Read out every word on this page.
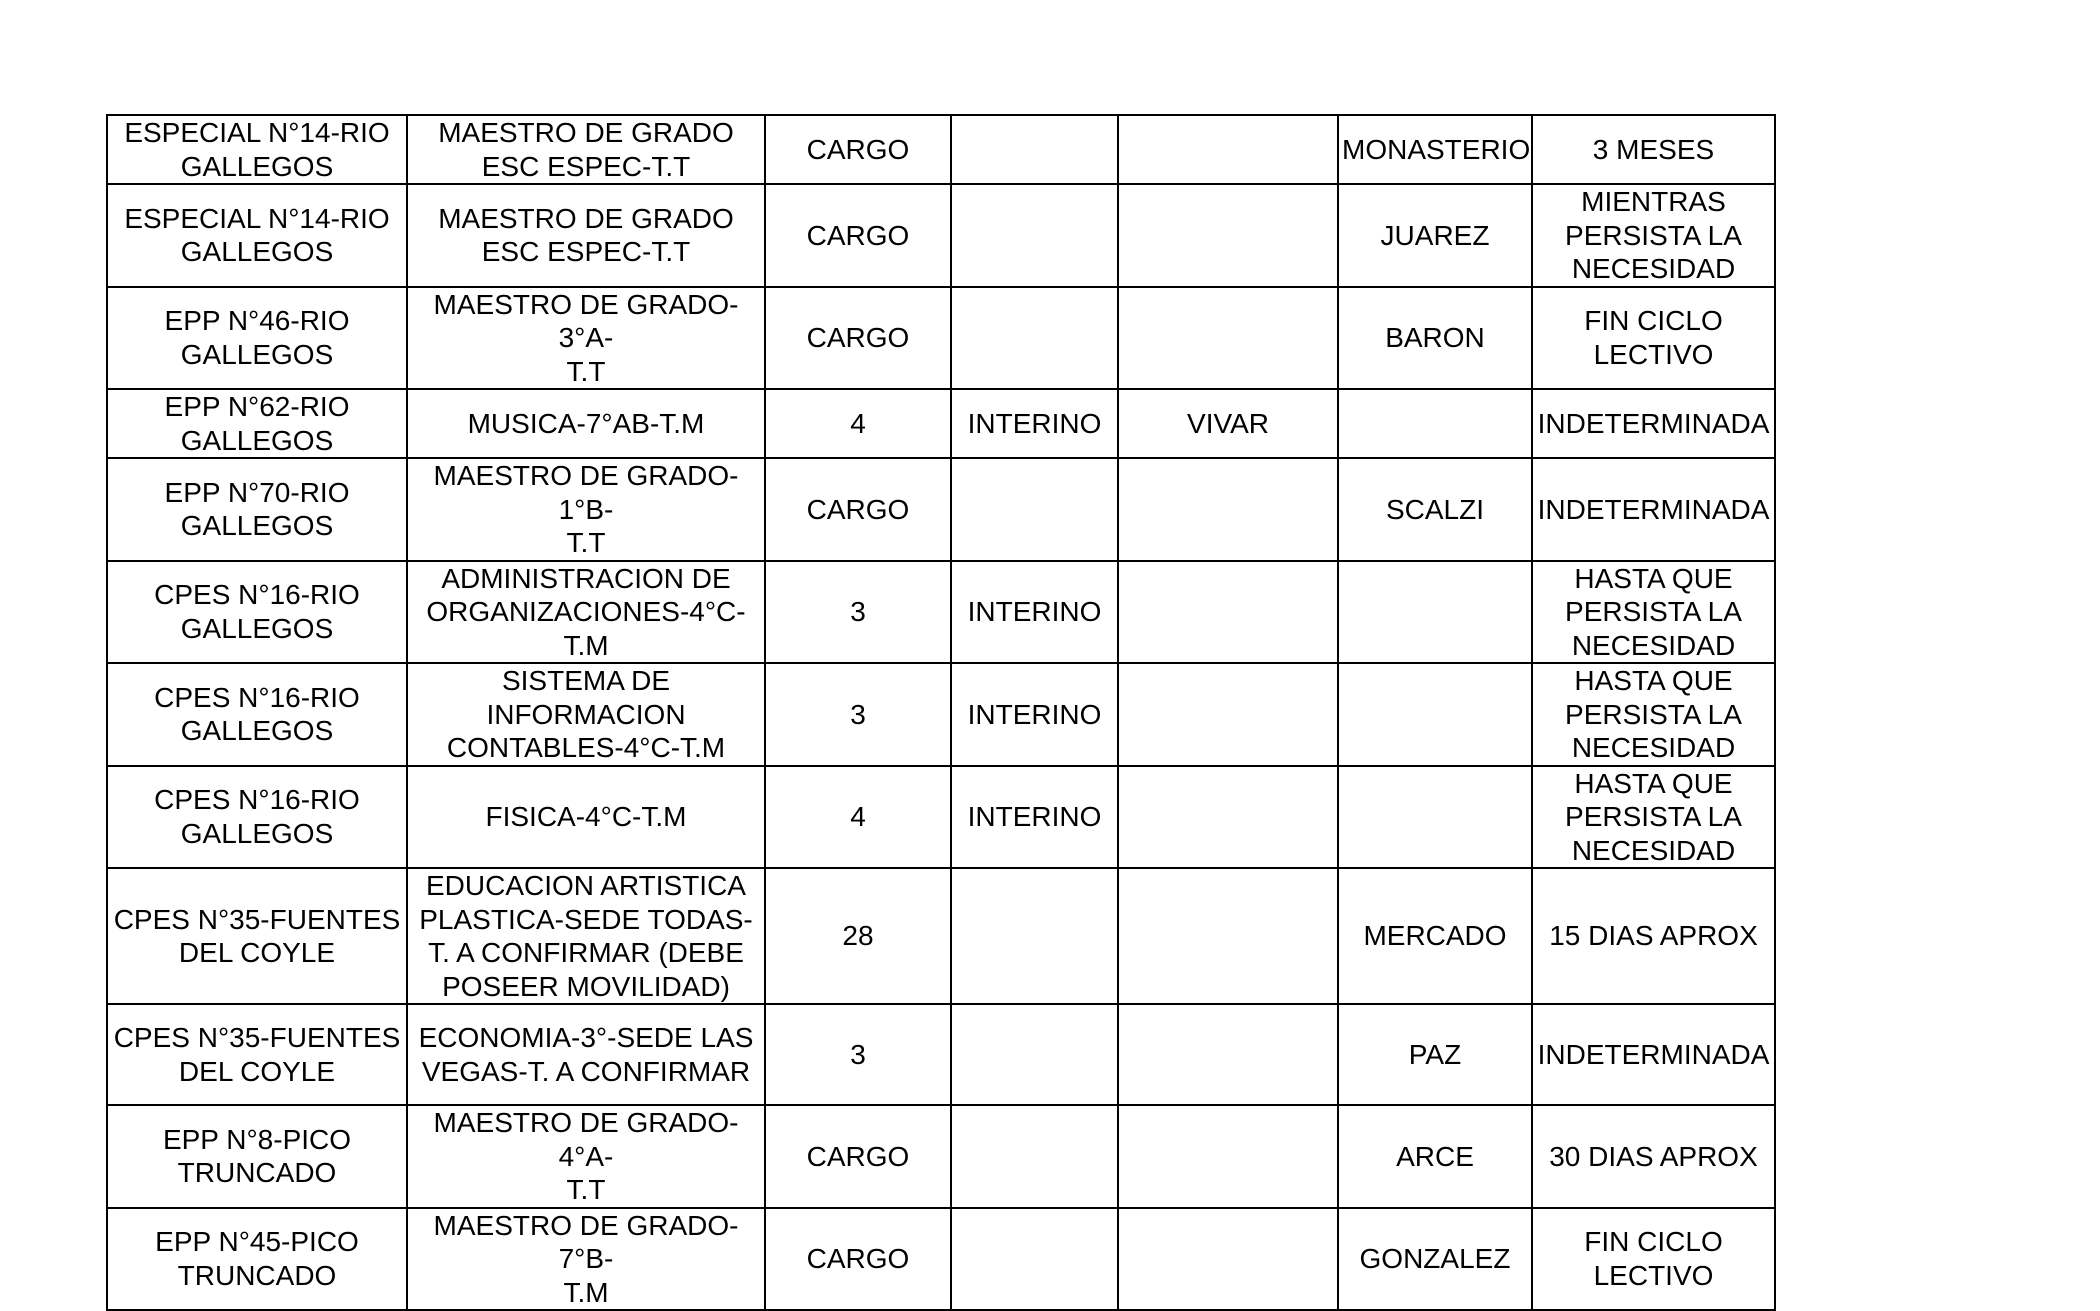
ESPECIAL N°14-RIO
GALLEGOS	MAESTRO DE GRADO
ESC ESPEC-T.T	CARGO			MONASTERIO	3 MESES
ESPECIAL N°14-RIO
GALLEGOS	MAESTRO DE GRADO
ESC ESPEC-T.T	CARGO			JUAREZ	MIENTRAS
PERSISTA LA
NECESIDAD
EPP N°46-RIO
GALLEGOS	MAESTRO DE GRADO-3°A-
T.T	CARGO			BARON	FIN CICLO
LECTIVO
EPP N°62-RIO
GALLEGOS	MUSICA-7°AB-T.M	4	INTERINO	VIVAR		INDETERMINADA
EPP N°70-RIO
GALLEGOS	MAESTRO DE GRADO-1°B-
T.T	CARGO			SCALZI	INDETERMINADA
CPES N°16-RIO
GALLEGOS	ADMINISTRACION DE
ORGANIZACIONES-4°C-
T.M	3	INTERINO			HASTA QUE
PERSISTA LA
NECESIDAD
CPES N°16-RIO
GALLEGOS	SISTEMA DE
INFORMACION
CONTABLES-4°C-T.M	3	INTERINO			HASTA QUE
PERSISTA LA
NECESIDAD
CPES N°16-RIO
GALLEGOS	FISICA-4°C-T.M	4	INTERINO			HASTA QUE
PERSISTA LA
NECESIDAD
CPES N°35-FUENTES
DEL COYLE	EDUCACION ARTISTICA
PLASTICA-SEDE TODAS-
T. A CONFIRMAR (DEBE
POSEER MOVILIDAD)	28			MERCADO	15 DIAS APROX
CPES N°35-FUENTES
DEL COYLE	ECONOMIA-3°-SEDE LAS
VEGAS-T. A CONFIRMAR	3			PAZ	INDETERMINADA
EPP N°8-PICO
TRUNCADO	MAESTRO DE GRADO-4°A-
T.T	CARGO			ARCE	30 DIAS APROX
EPP N°45-PICO
TRUNCADO	MAESTRO DE GRADO-7°B-
T.M	CARGO			GONZALEZ	FIN CICLO
LECTIVO
